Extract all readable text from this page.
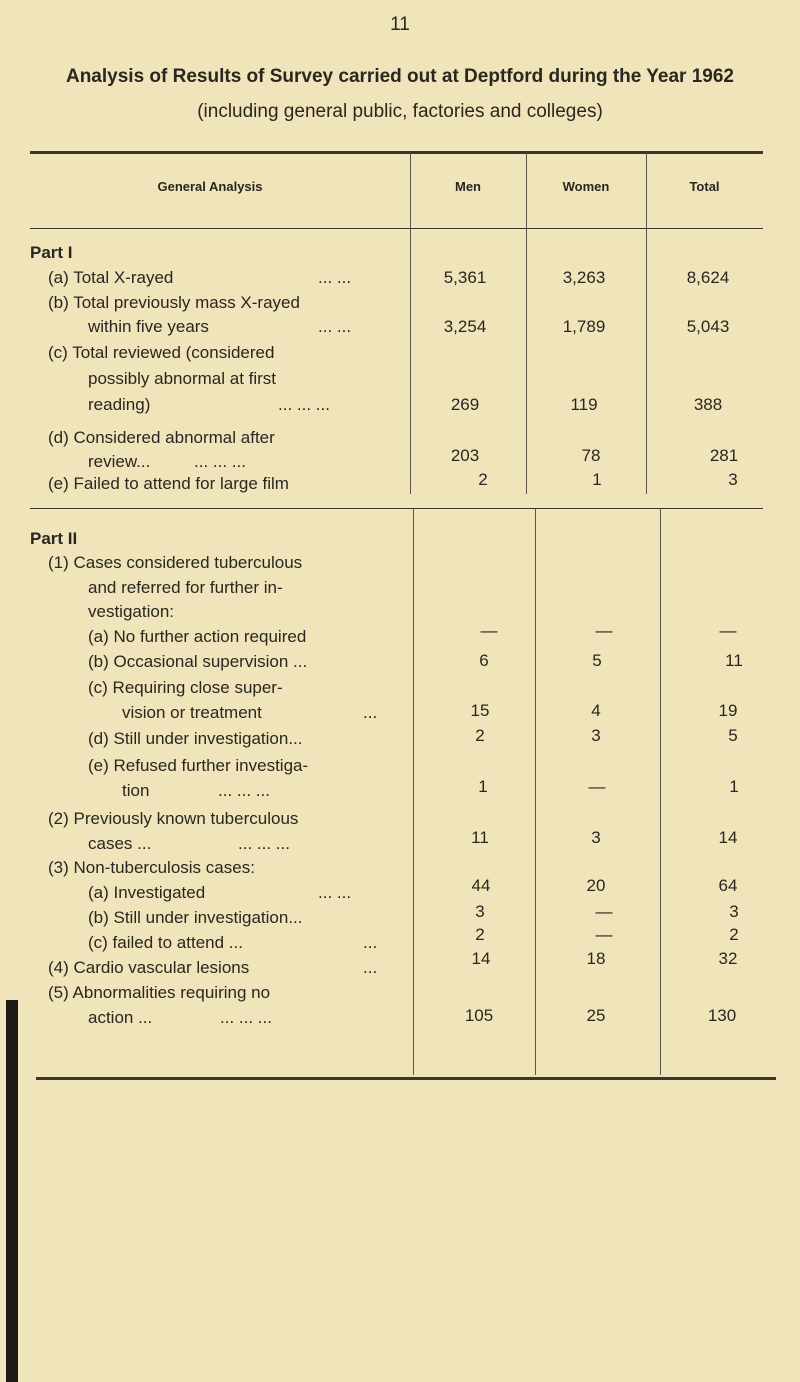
11
Analysis of Results of Survey carried out at Deptford during the Year 1962
(including general public, factories and colleges)
General Analysis	Men	Women	Total
Part I
(a) Total X-rayed	... ...	5,361	3,263	8,624
(b) Total previously mass X-rayed
within five years	... ...	3,254	1,789	5,043
(c) Total reviewed (considered
possibly abnormal at first
reading)	... ... ...	269	119	388
(d) Considered abnormal after
review...	... ... ...	203	78	281
(e) Failed to attend for large film	2	1	3
Part II
(1) Cases considered tuberculous
and referred for further in-
vestigation:
(a) No further action required	—	—	—
(b) Occasional supervision ...	6	5	11
(c) Requiring close super-
vision or treatment	...	15	4	19
(d) Still under investigation...	2	3	5
(e) Refused further investiga-
tion	... ... ...	1	—	1
(2) Previously known tuberculous
cases ...	... ... ...	11	3	14
(3) Non-tuberculosis cases:
(a) Investigated	... ...	44	20	64
(b) Still under investigation...	3	—	3
(c) failed to attend ...	...	2	—	2
(4) Cardio vascular lesions	...	14	18	32
(5) Abnormalities requiring no
action ...	... ... ...	105	25	130
